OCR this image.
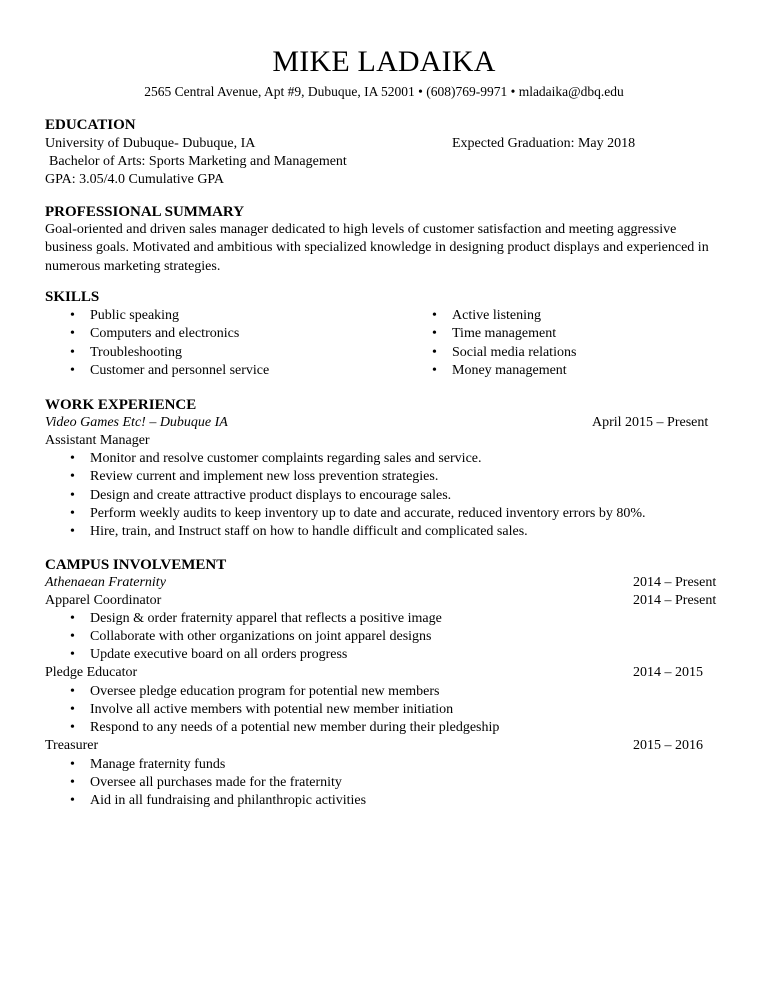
MIKE LADAIKA
2565 Central Avenue, Apt #9, Dubuque, IA 52001 • (608)769-9971 • mladaika@dbq.edu
EDUCATION
University of Dubuque- Dubuque, IA	Expected Graduation: May 2018
Bachelor of Arts: Sports Marketing and Management
GPA: 3.05/4.0 Cumulative GPA
PROFESSIONAL SUMMARY
Goal-oriented and driven sales manager dedicated to high levels of customer satisfaction and meeting aggressive business goals. Motivated and ambitious with specialized knowledge in designing product displays and experienced in numerous marketing strategies.
SKILLS
• Public speaking
• Computers and electronics
• Troubleshooting
• Customer and personnel service
• Active listening
• Time management
• Social media relations
• Money management
WORK EXPERIENCE
Video Games Etc! – Dubuque IA	April 2015 – Present
Assistant Manager
• Monitor and resolve customer complaints regarding sales and service.
• Review current and implement new loss prevention strategies.
• Design and create attractive product displays to encourage sales.
• Perform weekly audits to keep inventory up to date and accurate, reduced inventory errors by 80%.
• Hire, train, and Instruct staff on how to handle difficult and complicated sales.
CAMPUS INVOLVEMENT
Athenaean Fraternity	2014 – Present
Apparel Coordinator	2014 – Present
• Design & order fraternity apparel that reflects a positive image
• Collaborate with other organizations on joint apparel designs
• Update executive board on all orders progress
Pledge Educator	2014 – 2015
• Oversee pledge education program for potential new members
• Involve all active members with potential new member initiation
• Respond to any needs of a potential new member during their pledgeship
Treasurer	2015 – 2016
• Manage fraternity funds
• Oversee all purchases made for the fraternity
• Aid in all fundraising and philanthropic activities
